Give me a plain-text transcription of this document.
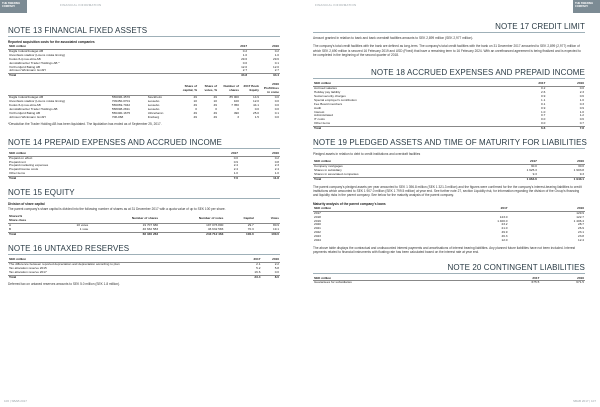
THE SWEDISH COMPANY	FINANCIAL INFORMATION	FINANCIAL INFORMATION	THE SWEDISH COMPANY
NOTE 13 FINANCIAL FIXED ASSETS
Reported acquisition costs for the associated companies
SEK million	2017	2016
Dagfa Industribolaget AB	0.2	0.2
Ulvenfasts stadkor (Licens miska linning)	1.0	1.0
Kooks fLip rea ebra AB	29.6	29.6
Jemställmeriter Trader Holdings AB *	0.0	0.1
Vid Fordjord Baling AB	12.0	12.0
Johnson Wickmann GmbH	2.7	2.7
Total	34.8	34.4
			Share of capital, %	Share of votes, %	Number of shares	2017 Book Equity	2016 Profit/loss in come
Dagfa Industribolaget AB	556096-4570	Stockholm	49	49	85 000	14.9	0.0
Ulvenfasts stadkor (Licens miska linning)	709450-0701	Lessebo	10	10	100	12.0	0.0
Kooks fLip rea ebra AB	556069-7042	Lessebo	49	49	7 350	44.1	0.0
Jemställmeriter Trader Holdings AB	558098-2811	Lessebo	0	0	0	0.0	0.0
Vid Fordjord Baling AB	556490-1675	Ulricehamn	49	49	490	25.0	0.1
Johnson Wickmann GmbH	708-068	Freiberg	49	49	3	1.5	0.0
*Desolution the Trader Holding AB has been liquidated. The liquidation has ended as of September 25, 2017.
NOTE 14 PREPAID EXPENSES AND ACCRUED INCOME
SEK million	2017	2016
Prepaid on effect	0.0	0.2
Prepaid rent	0.9	0.8
Prepaid marketing expenses	2.4	2.3
Prepaid license costs	2.4	2.4
Other items	1.0	1.0
Total	7.6	11.8
NOTE 15 EQUITY
Division of share capital
The parent company's share capital is divided into the following number of shares as at 31 December 2017 with a quota value of up to SEK 100 per share.
Shares%
Share class		Number of shares	Number of votes	Capital	Votes
A	10 votes	19 707 680	197 076 800	29.7	80.9
B	1 vote	46 632 583	46 632 583	70.3	19.1
Total		66 340 263	243 712 463	100.0	100.0
NOTE 16 UNTAXED RESERVES
SEK million	2017	2016
The difference between reported depreciation and depreciation according to plan	2.1	2.2
Tax allocation reserve 2015	5.2	5.8
Tax allocation reserve 2017	16.6	0.0
Total	23.4	8.0
Deferred tax on untaxed reserves amounts to SEK 5.0 million (SEK 1.8 million).
NOTE 17 CREDIT LIMIT
Amount granted in relation to bank and bank overdraft facilities amounts to SEK 2,899 million (SEK 2,977 million).
The company's total credit facilities with the bank are defined as long-term. The company's total credit facilities with the bank on 31 December 2017 amounted to SEK 2,899 (2,977) million of which SEK 2,690 million is secured 16 February 2019 and USD (Fixed) that have a remaining term to 16 February 2024. With an unrefinanced agreement is being finalized and is expected to be completed in the beginning of the second quarter of 2018.
NOTE 18 ACCRUED EXPENSES AND PREPAID INCOME
SEK million	2017	2016
Accrued salaries	0.2	0.0
Holiday pay liability	2.6	2.3
Social security charges	0.9	0.6
Special employer's contribution	1.1	1.0
Fee Board members	0.1	0.3
Audit	0.9	0.9
Interest	1.0	1.0
Administrated	0.7	1.2
IT costs	0.0	0.6
Other items	0.0	0.7
Total	6.6	7.8
NOTE 19 PLEDGED ASSETS AND TIME OF MATURITY FOR LIABILITIES
Pledged assets in relation to debt to credit institutions and overdraft facilities
SEK million	2017	2016
Company mortgages	30.0	30.0
Shares in subsidiary	1 925.3	1 903.8
Shares in associated companies	9.3	9.3
Total	1 964.6	1 943.1
The parent company's pledged assets per year amounted to SEK 1 396.8 million (SEK 1 321.3 million) and the figures were confirmed for the the company's interest-bearing liabilities to credit institutions which amounted to SEK 1 907.0 million (SEK 1 799.5 million) at year end. See further note 27, section Liquidity risk, for information regarding the division of the Group's financing and liquidity risks in the parent company. See below for the maturity analysis of the parent company.
Maturity analysis of the parent company's loans
SEK million	2017	2016
2017		129.9
2018	123.0	122.7
2019	1 400.0	1 406.4
2020	23.2	28.7
2021	21.0	26.9
2022	49.9	23.1
2023	46.3	23.8
2024	12.0	12.4
The above table displays the contractual and undiscounted interest payments and amortisations of interest bearing liabilities. Any planned future liabilities have not been included. Interest payments related to financial instruments with floating rate has been calculated based on the interest rate at year end.
NOTE 20 CONTINGENT LIABILITIES
SEK million	2017	2016
Guarantees for subsidiaries	675.5	671.5
106 | SBAB 2017	SBAB 2017 | 107
